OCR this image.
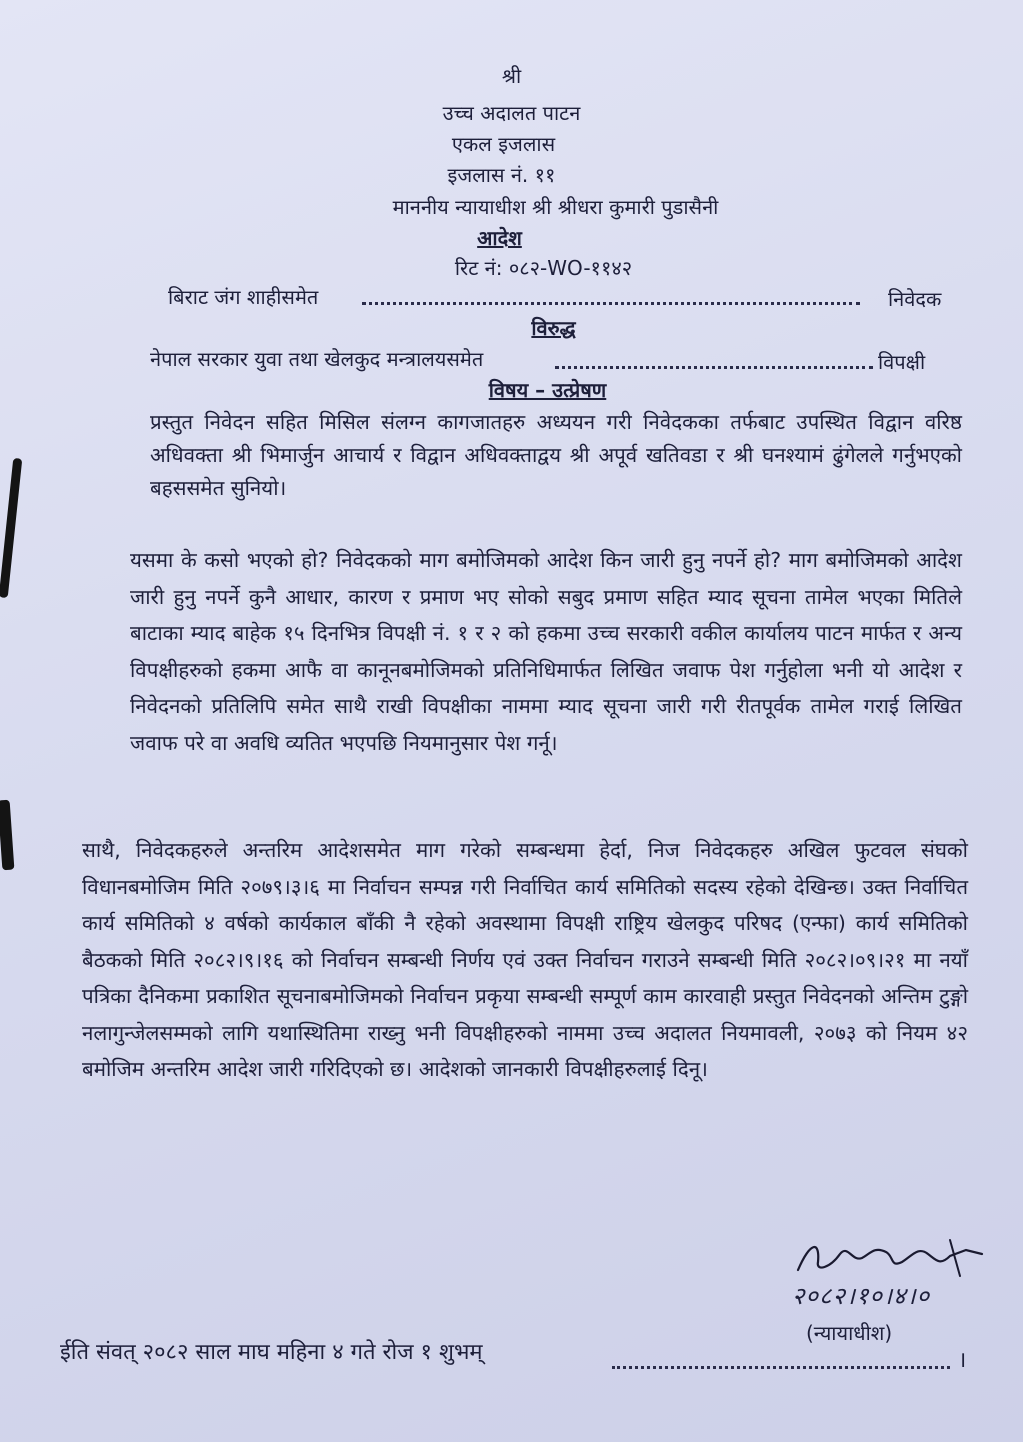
श्री
उच्च अदालत पाटन
एकल इजलास
इजलास नं. ११
माननीय न्यायाधीश श्री श्रीधरा कुमारी पुडासैनी
आदेश
रिट नं: ०८२-WO-११४२
बिराट जंग शाहीसमेत	निवेदक
विरुद्ध
नेपाल सरकार युवा तथा खेलकुद मन्त्रालयसमेत	विपक्षी
विषय – उत्प्रेषण
प्रस्तुत निवेदन सहित मिसिल संलग्न कागजातहरु अध्ययन गरी निवेदकका तर्फबाट उपस्थित विद्वान वरिष्ठ अधिवक्ता श्री भिमार्जुन आचार्य र विद्वान अधिवक्ताद्वय श्री अपूर्व खतिवडा र श्री घनश्यामं ढुंगेलले गर्नुभएको बहससमेत सुनियो।
यसमा के कसो भएको हो? निवेदकको माग बमोजिमको आदेश किन जारी हुनु नपर्ने हो? माग बमोजिमको आदेश जारी हुनु नपर्ने कुनै आधार, कारण र प्रमाण भए सोको सबुद प्रमाण सहित म्याद सूचना तामेल भएका मितिले बाटाका म्याद बाहेक १५ दिनभित्र विपक्षी नं. १ र २ को हकमा उच्च सरकारी वकील कार्यालय पाटन मार्फत र अन्य विपक्षीहरुको हकमा आफै वा कानूनबमोजिमको प्रतिनिधिमार्फत लिखित जवाफ पेश गर्नुहोला भनी यो आदेश र निवेदनको प्रतिलिपि समेत साथै राखी विपक्षीका नाममा म्याद सूचना जारी गरी रीतपूर्वक तामेल गराई लिखित जवाफ परे वा अवधि व्यतित भएपछि नियमानुसार पेश गर्नू।
साथै, निवेदकहरुले अन्तरिम आदेशसमेत माग गरेको सम्बन्धमा हेर्दा, निज निवेदकहरु अखिल फुटवल संघको विधानबमोजिम मिति २०७९।३।६ मा निर्वाचन सम्पन्न गरी निर्वाचित कार्य समितिको सदस्य रहेको देखिन्छ। उक्त निर्वाचित कार्य समितिको ४ वर्षको कार्यकाल बाँकी नै रहेको अवस्थामा विपक्षी राष्ट्रिय खेलकुद परिषद (एन्फा) कार्य समितिको बैठकको मिति २०८२।९।१६ को निर्वाचन सम्बन्धी निर्णय एवं उक्त निर्वाचन गराउने सम्बन्धी मिति २०८२।०९।२१ मा नयाँ पत्रिका दैनिकमा प्रकाशित सूचनाबमोजिमको निर्वाचन प्रकृया सम्बन्धी सम्पूर्ण काम कारवाही प्रस्तुत निवेदनको अन्तिम टुङ्गो नलागुन्जेलसम्मको लागि यथास्थितिमा राख्नु भनी विपक्षीहरुको नाममा उच्च अदालत नियमावली, २०७३ को नियम ४२ बमोजिम अन्तरिम आदेश जारी गरिदिएको छ। आदेशको जानकारी विपक्षीहरुलाई दिनू।
२०८२।१०।४।०
(न्यायाधीश)
ईति संवत् २०८२ साल माघ महिना ४ गते रोज १ शुभम्	।
